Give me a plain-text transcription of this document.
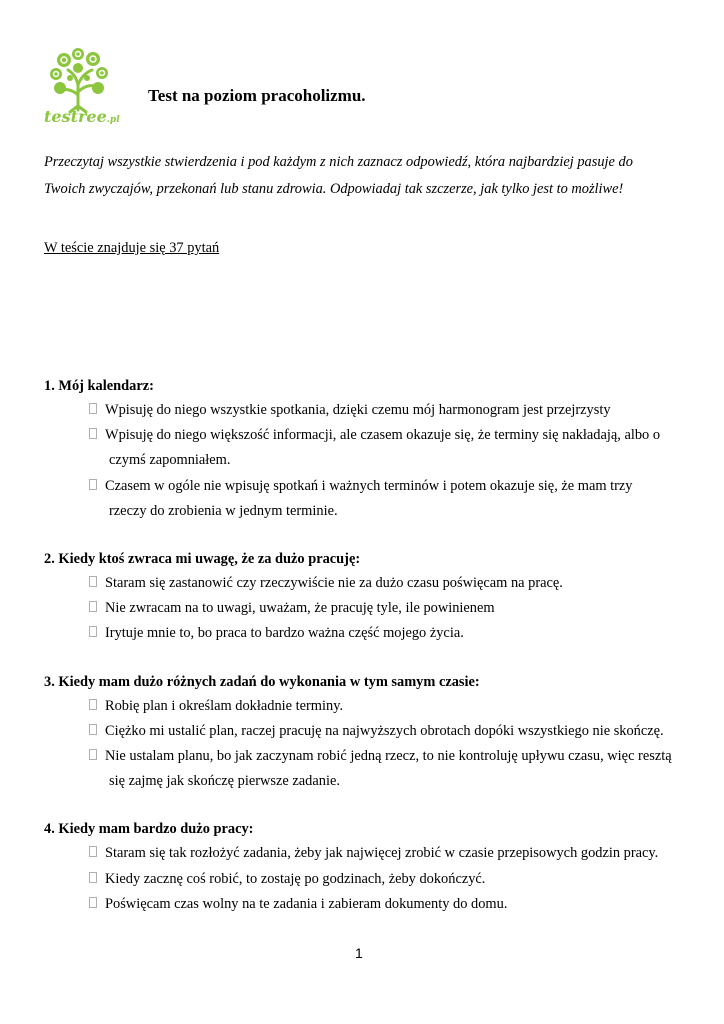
testree.pl
Test na poziom pracoholizmu.
Przeczytaj wszystkie stwierdzenia i pod każdym z nich zaznacz odpowiedź, która najbardziej pasuje do
Twoich zwyczajów, przekonań lub stanu zdrowia. Odpowiadaj tak szczerze, jak tylko jest to możliwe!
W teście znajduje się 37 pytań
1. Mój kalendarz:
Wpisuję do niego wszystkie spotkania, dzięki czemu mój harmonogram jest przejrzysty
Wpisuję do niego większość informacji, ale czasem okazuje się, że terminy się nakładają, albo o
czymś zapomniałem.
Czasem w ogóle nie wpisuję spotkań i ważnych terminów i potem okazuje się, że mam trzy
rzeczy do zrobienia w jednym terminie.
2. Kiedy ktoś zwraca mi uwagę, że za dużo pracuję:
Staram się zastanowić czy rzeczywiście nie za dużo czasu poświęcam na pracę.
Nie zwracam na to uwagi, uważam, że pracuję tyle, ile powinienem
Irytuje mnie to, bo praca to bardzo ważna część mojego życia.
3. Kiedy mam dużo różnych zadań do wykonania w tym samym czasie:
Robię plan i określam dokładnie terminy.
Ciężko mi ustalić plan, raczej pracuję na najwyższych obrotach dopóki wszystkiego nie skończę.
Nie ustalam planu, bo jak zaczynam robić jedną rzecz, to nie kontroluję upływu czasu, więc resztą
się zajmę jak skończę pierwsze zadanie.
4. Kiedy mam bardzo dużo pracy:
Staram się tak rozłożyć zadania, żeby jak najwięcej zrobić w czasie przepisowych godzin pracy.
Kiedy zacznę coś robić, to zostaję po godzinach, żeby dokończyć.
Poświęcam czas wolny na te zadania i zabieram dokumenty do domu.
1
